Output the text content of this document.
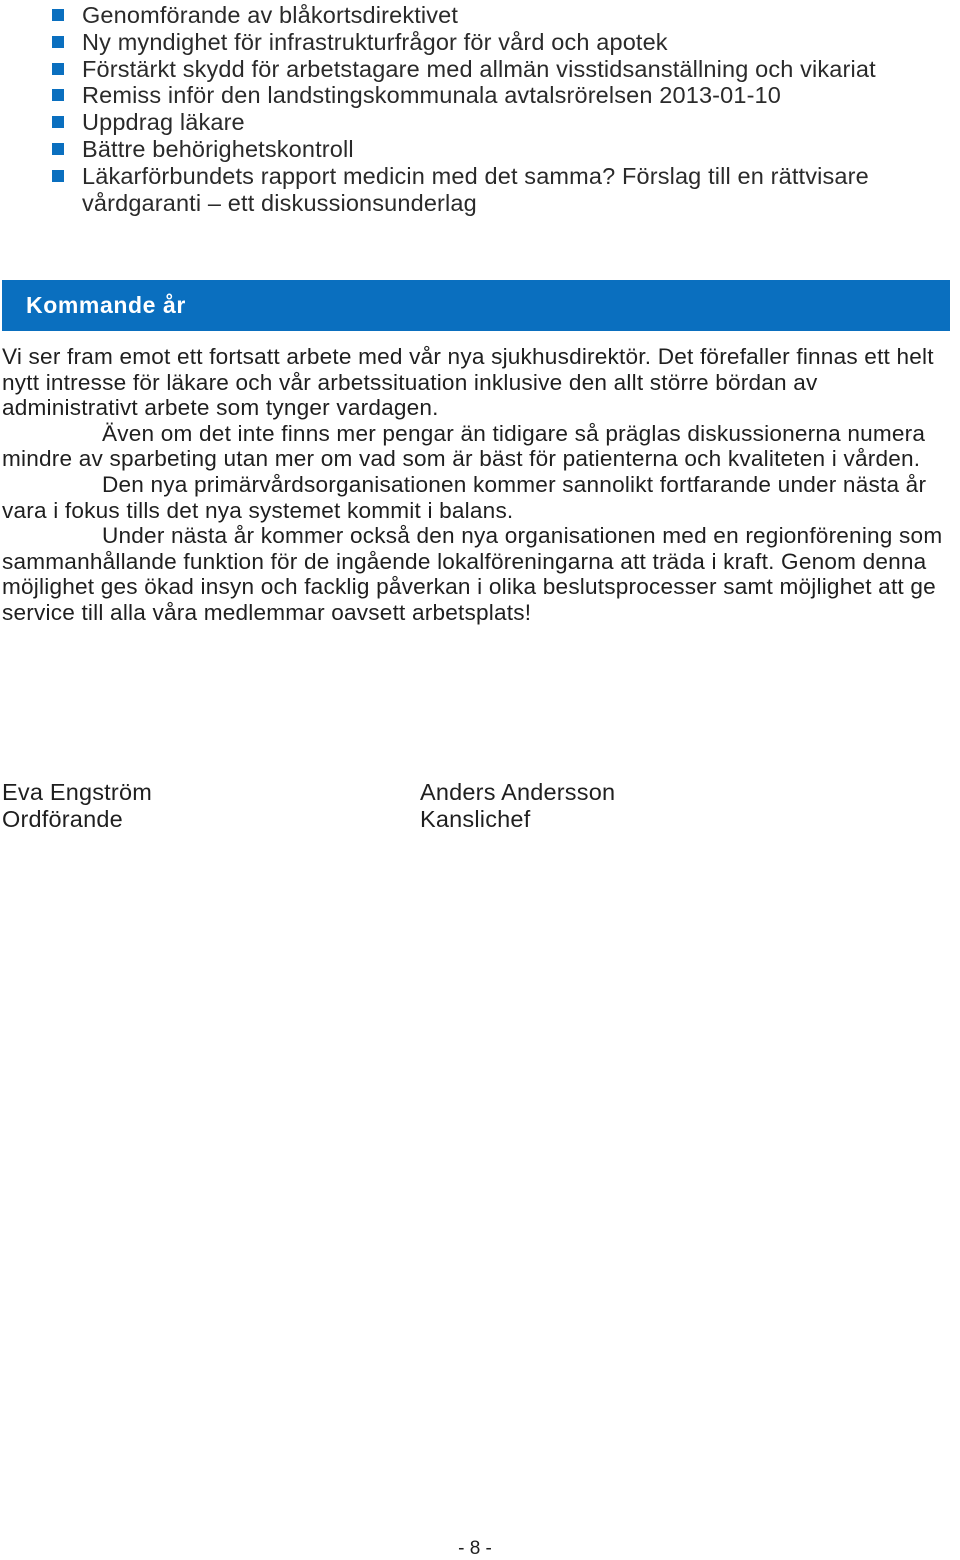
Genomförande av blåkortsdirektivet
Ny myndighet för infrastrukturfrågor för vård och apotek
Förstärkt skydd för arbetstagare med allmän visstidsanställning och vikariat
Remiss inför den landstingskommunala avtalsrörelsen 2013-01-10
Uppdrag läkare
Bättre behörighetskontroll
Läkarförbundets rapport medicin med det samma? Förslag till en rättvisare vårdgaranti – ett diskussionsunderlag
Kommande år

Vi ser fram emot ett fortsatt arbete med vår nya sjukhusdirektör. Det förefaller finnas ett helt nytt intresse för läkare och vår arbetssituation inklusive den allt större bördan av administrativt arbete som tynger vardagen.

Även om det inte finns mer pengar än tidigare så präglas diskussionerna numera mindre av sparbeting utan mer om vad som är bäst för patienterna och kvaliteten i vården.

Den nya primärvårdsorganisationen kommer sannolikt fortfarande under nästa år vara i fokus tills det nya systemet kommit i balans.

Under nästa år kommer också den nya organisationen med en regionförening som sammanhållande funktion för de ingående lokalföreningarna att träda i kraft. Genom denna möjlighet ges ökad insyn och facklig påverkan i olika beslutsprocesser samt möjlighet att ge service till alla våra medlemmar oavsett arbetsplats!

Eva Engström
Ordförande
Anders Andersson
Kanslichef
- 8 -
